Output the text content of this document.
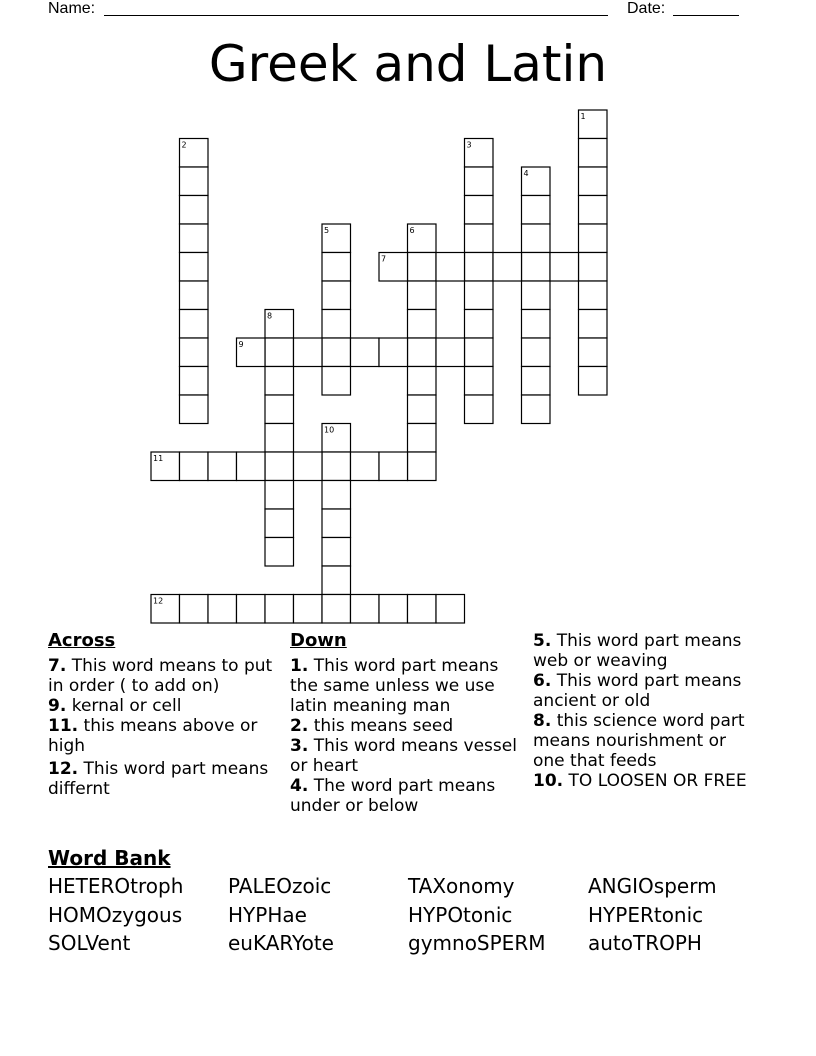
Name:	Date:
Greek and Latin
1
2	3
4
5	6
7
8
9
10
11
12
Across
7. This word means to put in order ( to add on)
9. kernal or cell
11. this means above or high
12. This word part means differnt
Down
1. This word part means the same unless we use latin meaning man
2. this means seed
3. This word means vessel or heart
4. The word part means under or below
5. This word part means web or weaving
6. This word part means ancient or old
8. this science word part means nourishment or one that feeds
10. TO LOOSEN OR FREE
Word Bank
HETEROtroph	PALEOzoic	TAXonomy	ANGIOsperm
HOMOzygous	HYPHae	HYPOtonic	HYPERtonic
SOLVent	euKARYote	gymnoSPERM	autoTROPH
